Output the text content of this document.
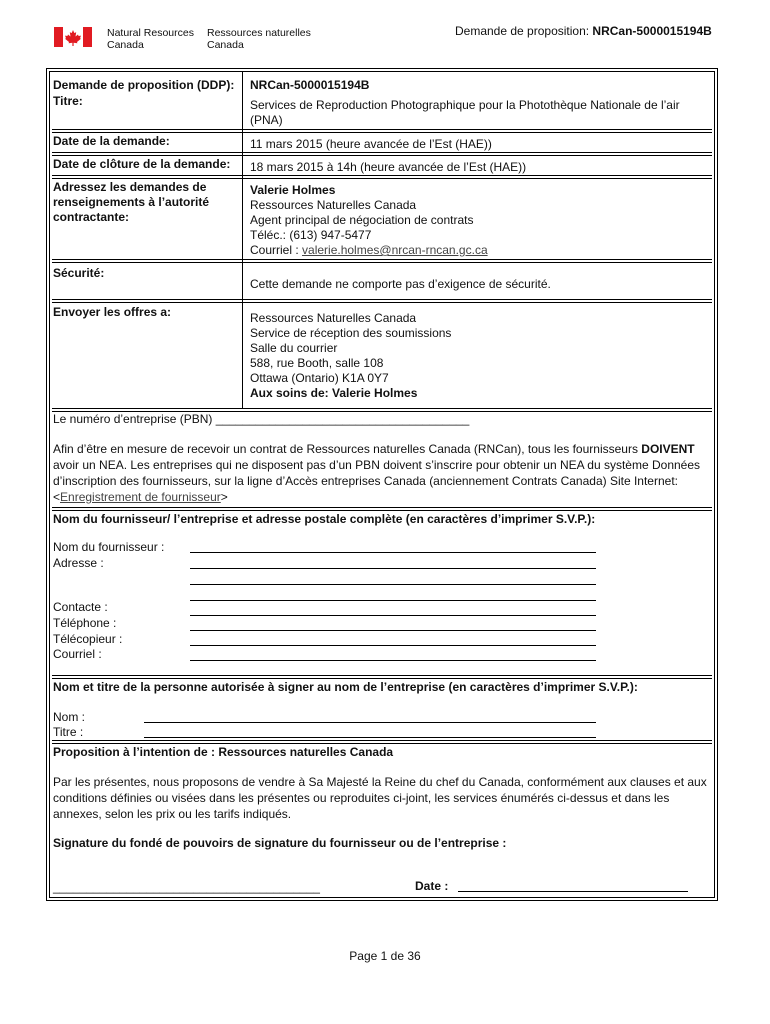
Natural Resources
Canada
Ressources naturelles
Canada
Demande de proposition: NRCan-5000015194B
Demande de proposition (DDP): NRCan-5000015194B
Titre:	Services de Reproduction Photographique pour la Photothèque Nationale de l’air (PNA)
Date de la demande:	11 mars 2015 (heure avancée de l’Est (HAE))
Date de clôture de la demande: 18 mars 2015 à 14h (heure avancée de l’Est (HAE))
Adressez les demandes de renseignements à l’autorité contractante:
Valerie Holmes
Ressources Naturelles Canada
Agent principal de négociation de contrats
Téléc.: (613) 947-5477
Courriel : valerie.holmes@nrcan-rncan.gc.ca
Sécurité:
Cette demande ne comporte pas d’exigence de sécurité.
Envoyer les offres a:	Ressources Naturelles Canada
Service de réception des soumissions
Salle du courrier
588, rue Booth, salle 108
Ottawa (Ontario) K1A 0Y7
Aux soins de: Valerie Holmes
Le numéro d’entreprise (PBN) ______________________________________
Afin d’être en mesure de recevoir un contrat de Ressources naturelles Canada (RNCan), tous les fournisseurs DOIVENT avoir un NEA. Les entreprises qui ne disposent pas d’un PBN doivent s’inscrire pour obtenir un NEA du système Données d’inscription des fournisseurs, sur la ligne d’Accès entreprises Canada (anciennement Contrats Canada) Site Internet: <Enregistrement de fournisseur>
Nom du fournisseur/ l’entreprise et adresse postale complète (en caractères d’imprimer S.V.P.):
Nom du fournisseur :
Adresse :
Contacte :
Téléphone :
Télécopieur :
Courriel :
Nom et titre de la personne autorisée à signer au nom de l’entreprise (en caractères d’imprimer S.V.P.):
Nom :
Titre :
Proposition à l’intention de : Ressources naturelles Canada
Par les présentes, nous proposons de vendre à Sa Majesté la Reine du chef du Canada, conformément aux clauses et aux conditions définies ou visées dans les présentes ou reproduites ci-joint, les services énumérés ci-dessus et dans les annexes, selon les prix ou les tarifs indiqués.
Signature du fondé de pouvoirs de signature du fournisseur ou de l’entreprise :
________________________________________	Date :
Page 1 de 36
